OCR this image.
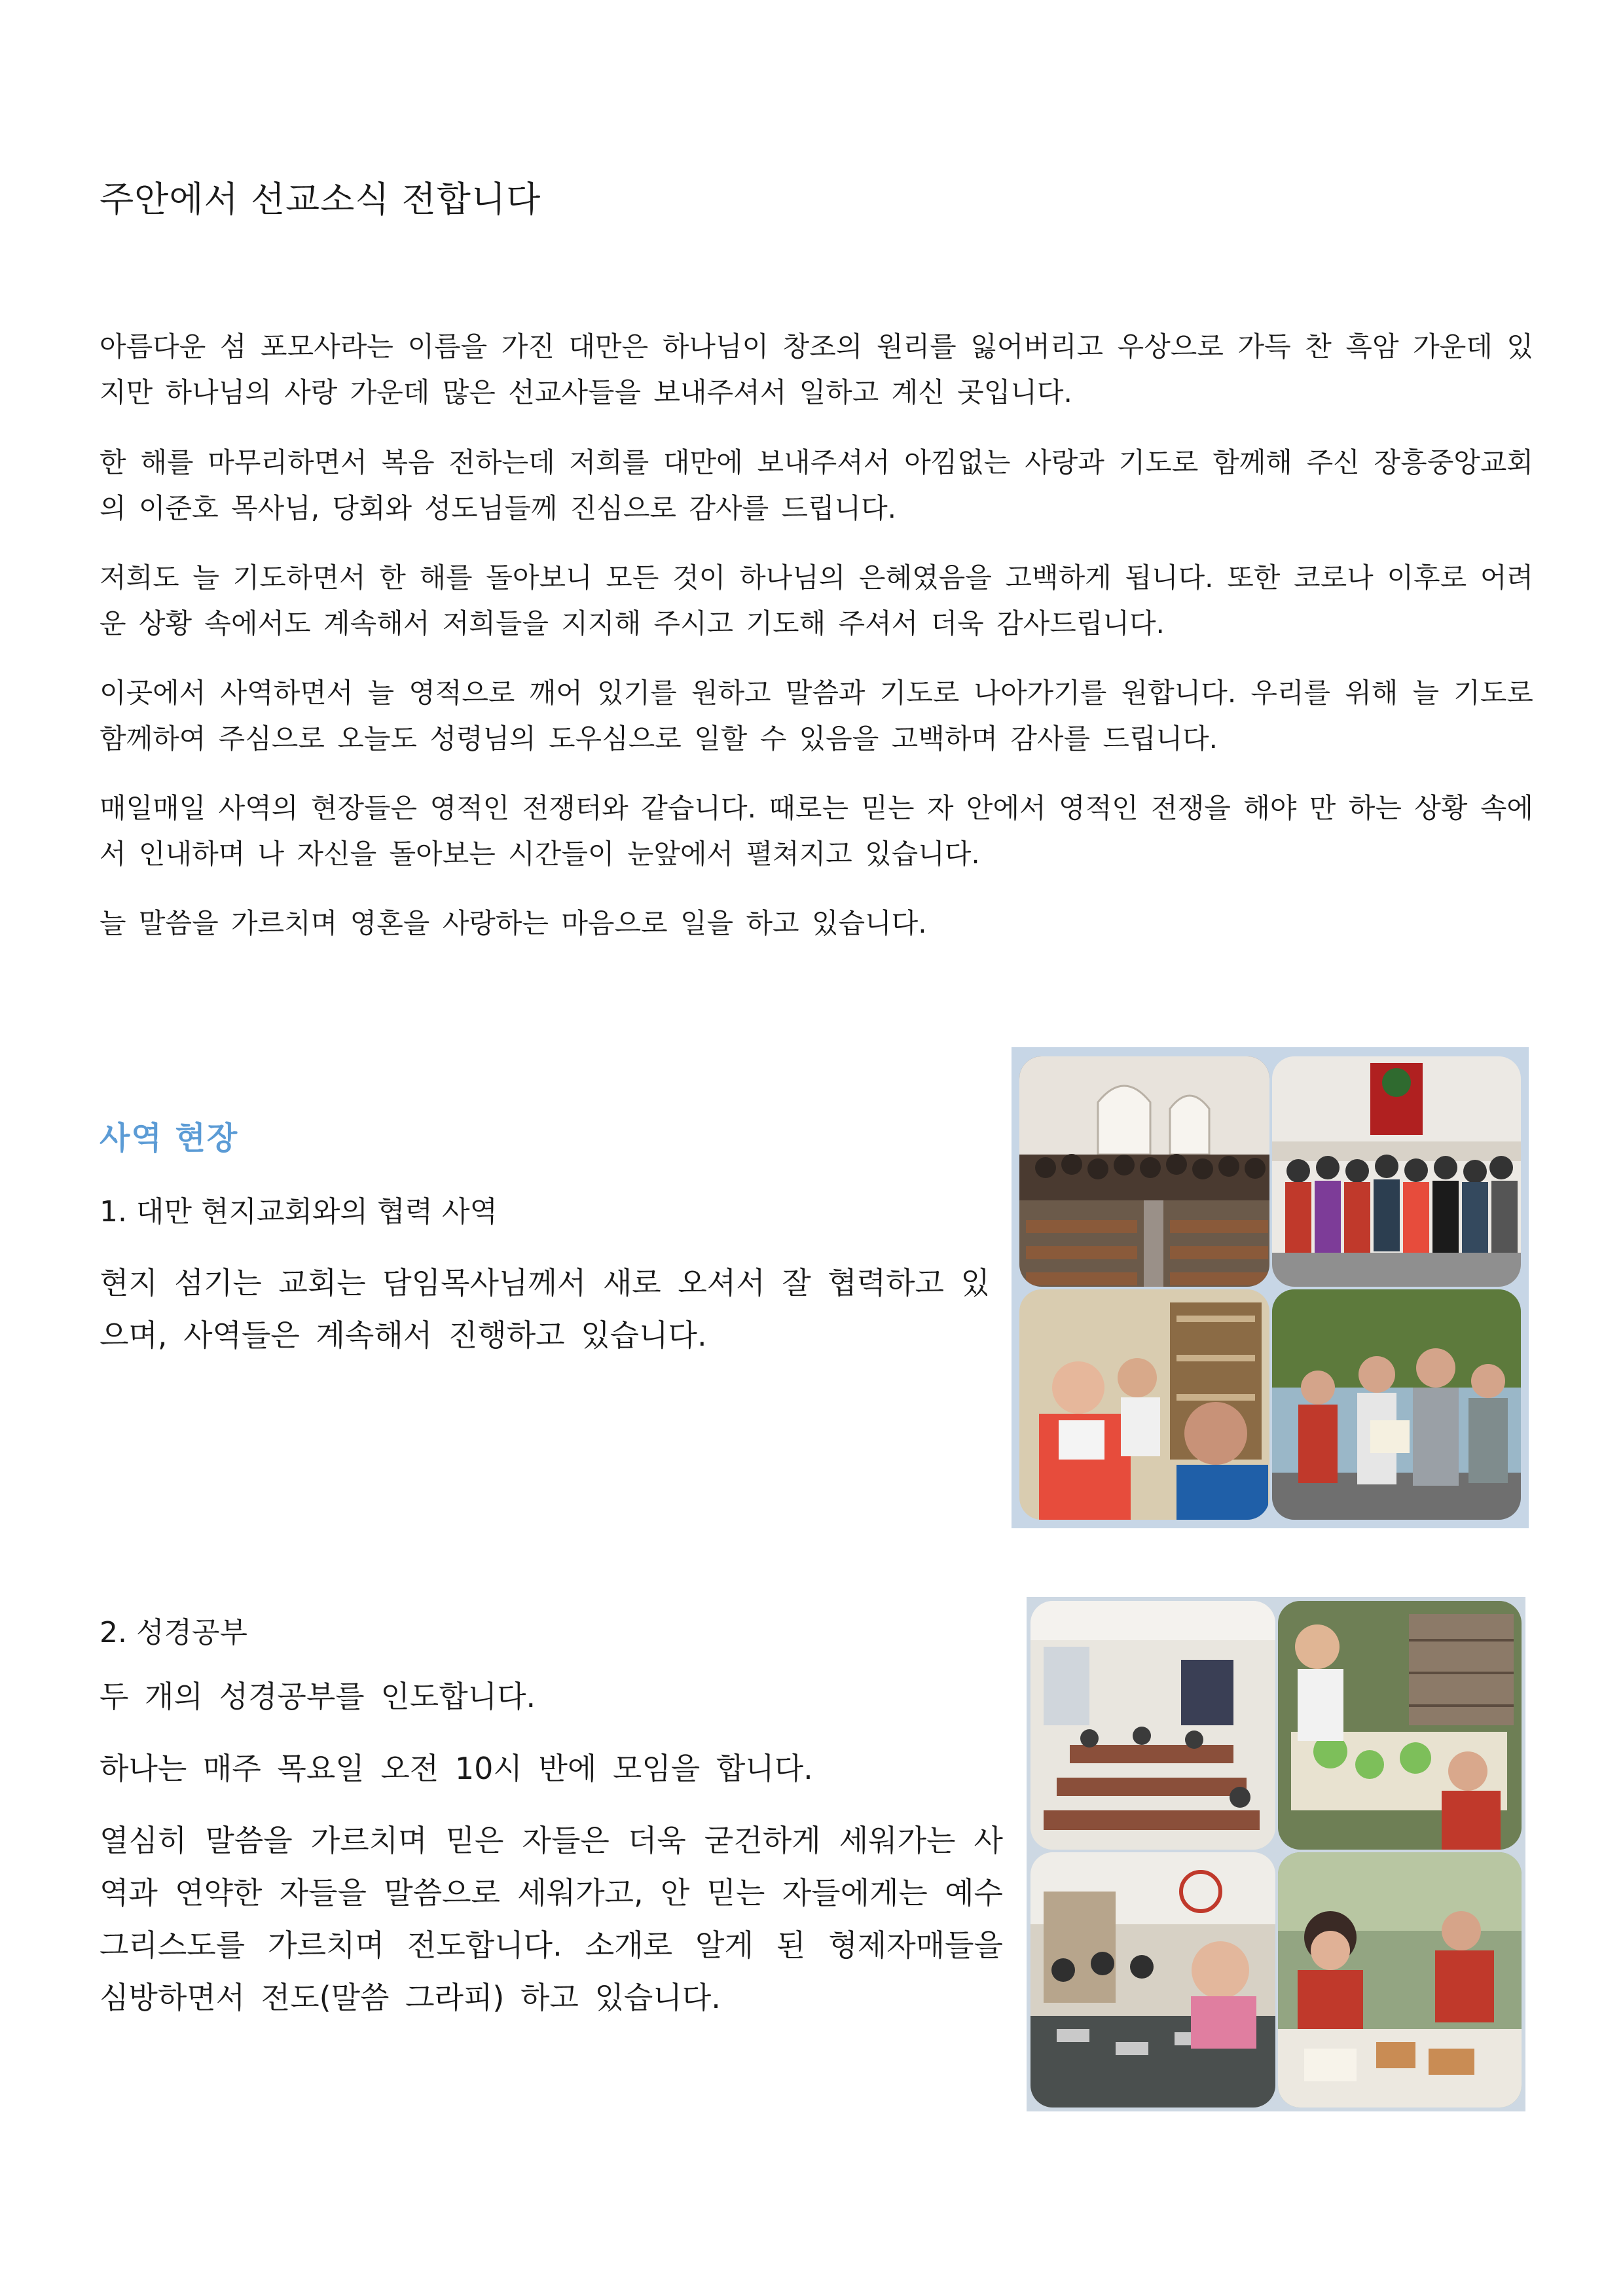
주안에서 선교소식 전합니다
아름다운 섬 포모사라는 이름을 가진 대만은 하나님이 창조의 원리를 잃어버리고 우상으로 가득 찬 흑암 가운데 있지만 하나님의 사랑 가운데 많은 선교사들을 보내주셔서 일하고 계신 곳입니다.
한 해를 마무리하면서 복음 전하는데 저희를 대만에 보내주셔서 아낌없는 사랑과 기도로 함께해 주신 장흥중앙교회의 이준호 목사님, 당회와 성도님들께 진심으로 감사를 드립니다.
저희도 늘 기도하면서 한 해를 돌아보니 모든 것이 하나님의 은혜였음을 고백하게 됩니다. 또한 코로나 이후로 어려운 상황 속에서도 계속해서 저희들을 지지해 주시고 기도해 주셔서 더욱 감사드립니다.
이곳에서 사역하면서 늘 영적으로 깨어 있기를 원하고 말씀과 기도로 나아가기를 원합니다. 우리를 위해 늘 기도로 함께하여 주심으로 오늘도 성령님의 도우심으로 일할 수 있음을 고백하며 감사를 드립니다.
매일매일 사역의 현장들은 영적인 전쟁터와 같습니다. 때로는 믿는 자 안에서 영적인 전쟁을 해야 만 하는 상황 속에서 인내하며 나 자신을 돌아보는 시간들이 눈앞에서 펼쳐지고 있습니다.
늘 말씀을 가르치며 영혼을 사랑하는 마음으로 일을 하고 있습니다.
사역 현장
1. 대만 현지교회와의 협력 사역
현지 섬기는 교회는 담임목사님께서 새로 오셔서 잘 협력하고 있으며, 사역들은 계속해서 진행하고 있습니다.
2. 성경공부
두 개의 성경공부를 인도합니다.
하나는 매주 목요일 오전 10시 반에 모임을 합니다.
열심히 말씀을 가르치며 믿은 자들은 더욱 굳건하게 세워가는 사역과 연약한 자들을 말씀으로 세워가고, 안 믿는 자들에게는 예수그리스도를 가르치며 전도합니다. 소개로 알게 된 형제자매들을 심방하면서 전도(말씀 그라피) 하고 있습니다.
